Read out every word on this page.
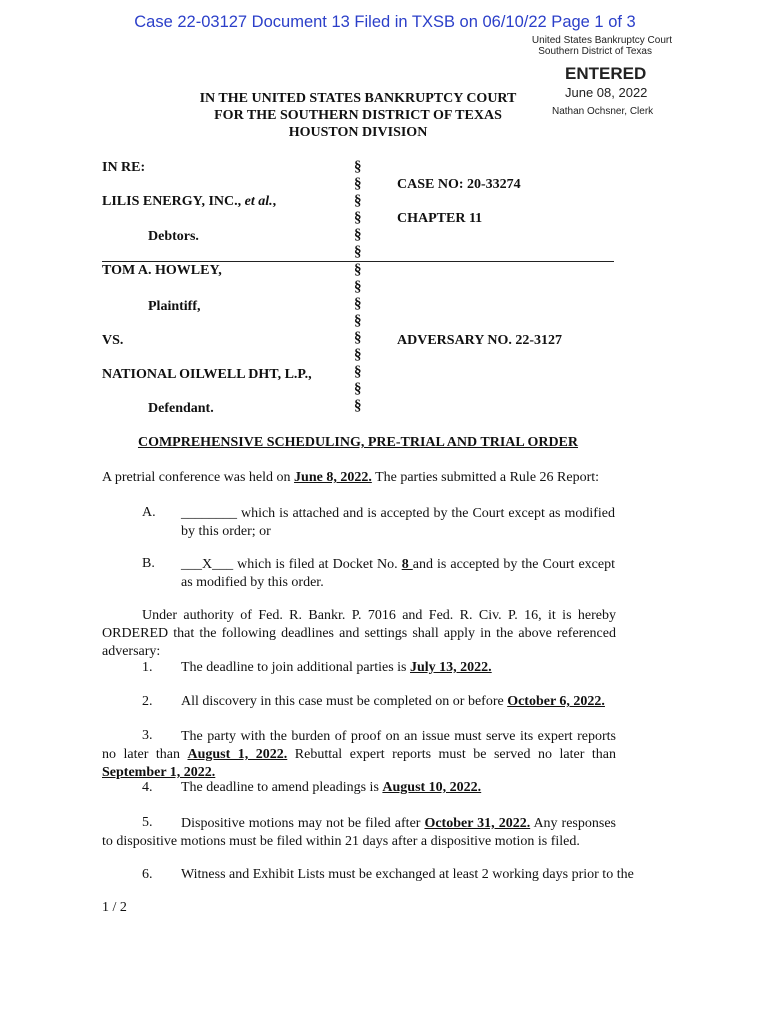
Case 22-03127 Document 13 Filed in TXSB on 06/10/22 Page 1 of 3
United States Bankruptcy Court
Southern District of Texas
ENTERED
June 08, 2022
Nathan Ochsner, Clerk
IN THE UNITED STATES BANKRUPTCY COURT
FOR THE SOUTHERN DISTRICT OF TEXAS
HOUSTON DIVISION
IN RE:
LILIS ENERGY, INC., et al.,
Debtors.
TOM A. HOWLEY,
Plaintiff,
VS.
NATIONAL OILWELL DHT, L.P.,
Defendant.
§
§
§
§
§
§
§
§
§
§
§
§
§
§
§
CASE NO: 20-33274
CHAPTER 11
ADVERSARY NO. 22-3127
COMPREHENSIVE SCHEDULING, PRE-TRIAL AND TRIAL ORDER
A pretrial conference was held on June 8, 2022. The parties submitted a Rule 26 Report:
A. ________ which is attached and is accepted by the Court except as modified by this order; or
B. ___X___ which is filed at Docket No. 8 and is accepted by the Court except as modified by this order.
Under authority of Fed. R. Bankr. P. 7016 and Fed. R. Civ. P. 16, it is hereby ORDERED that the following deadlines and settings shall apply in the above referenced adversary:
1. The deadline to join additional parties is July 13, 2022.
2. All discovery in this case must be completed on or before October 6, 2022.
3.	The party with the burden of proof on an issue must serve its expert reports no later than August 1, 2022. Rebuttal expert reports must be served no later than September 1, 2022.
4. The deadline to amend pleadings is August 10, 2022.
5.	Dispositive motions may not be filed after October 31, 2022. Any responses to dispositive motions must be filed within 21 days after a dispositive motion is filed.
6. Witness and Exhibit Lists must be exchanged at least 2 working days prior to the
1 / 2
